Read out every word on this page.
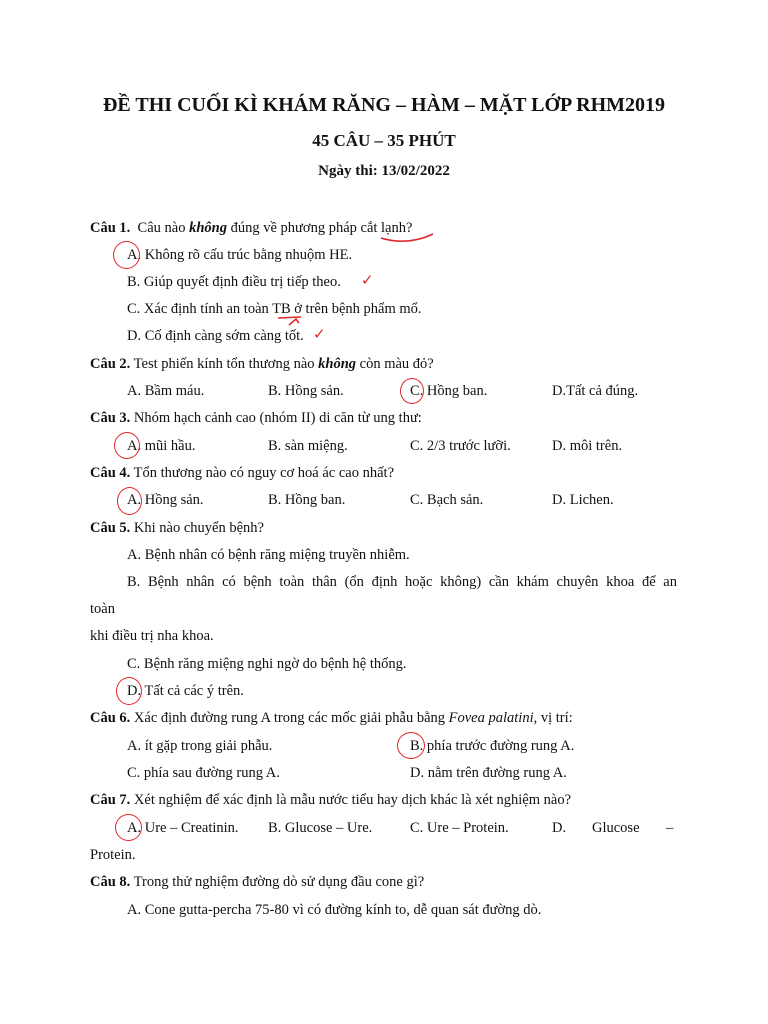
ĐỀ THI CUỐI KÌ KHÁM RĂNG – HÀM – MẶT LỚP RHM2019
45 CÂU – 35 PHÚT
Ngày thi: 13/02/2022
Câu 1. Câu nào không đúng về phương pháp cắt lạnh?
A. Không rõ cấu trúc bằng nhuộm HE.
B. Giúp quyết định điều trị tiếp theo.
C. Xác định tính an toàn TB ở trên bệnh phẩm mổ.
D. Cố định càng sớm càng tốt.
Câu 2. Test phiến kính tổn thương nào không còn màu đỏ?
A. Bầm máu.	B. Hồng sản.	C. Hồng ban.	D.Tất cả đúng.
Câu 3. Nhóm hạch cảnh cao (nhóm II) di căn từ ung thư:
A. mũi hầu.	B. sàn miệng.	C. 2/3 trước lưỡi.	D. môi trên.
Câu 4. Tổn thương nào có nguy cơ hoá ác cao nhất?
A. Hồng sản.	B. Hồng ban.	C. Bạch sản.	D. Lichen.
Câu 5. Khi nào chuyển bệnh?
A. Bệnh nhân có bệnh răng miệng truyền nhiễm.
B. Bệnh nhân có bệnh toàn thân (ổn định hoặc không) cần khám chuyên khoa để an
toàn
khi điều trị nha khoa.
C. Bệnh răng miệng nghi ngờ do bệnh hệ thống.
D. Tất cả các ý trên.
Câu 6. Xác định đường rung A trong các mốc giải phẫu bằng Fovea palatini, vị trí:
A. ít gặp trong giải phẫu.	B. phía trước đường rung A.
C. phía sau đường rung A.	D. nằm trên đường rung A.
Câu 7. Xét nghiệm để xác định là mẫu nước tiểu hay dịch khác là xét nghiệm nào?
A. Ure – Creatinin. B. Glucose – Ure.	C. Ure – Protein.	D. Glucose –
Protein.
Câu 8. Trong thử nghiệm đường dò sử dụng đầu cone gì?
A. Cone gutta-percha 75-80 vì có đường kính to, dễ quan sát đường dò.
✓
✓
